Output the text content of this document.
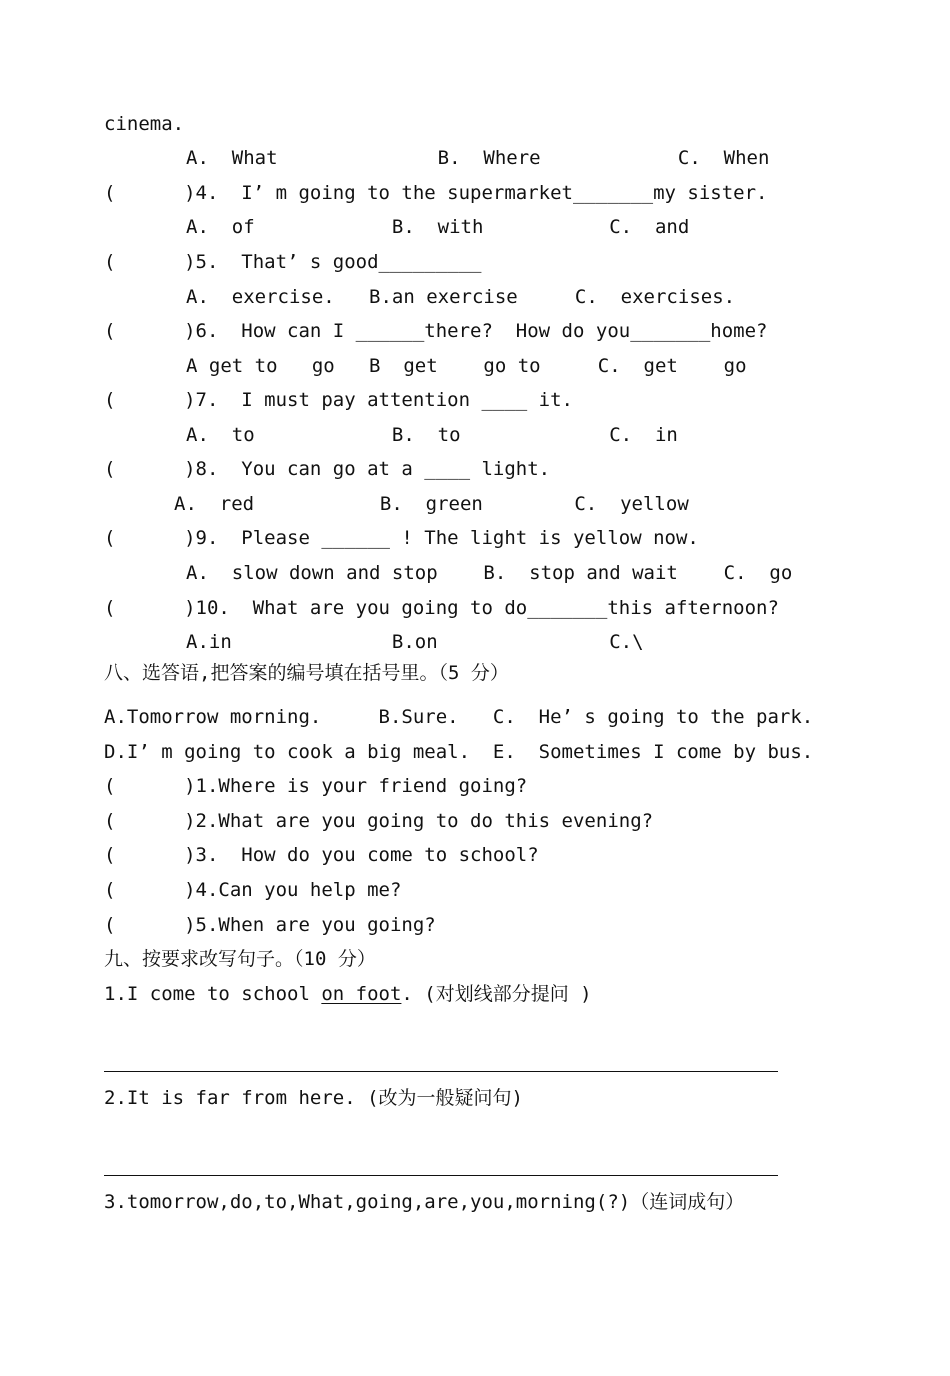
cinema.
A.  What              B.  Where            C.  When
(      )4.  I’ m going to the supermarket_______my sister.
A.  of            B.  with           C.  and
(      )5.  That’ s good_________
A.  exercise.   B.an exercise     C.  exercises.
(      )6.  How can I ______there?  How do you_______home?
A get to   go   B  get    go to     C.  get    go
(      )7.  I must pay attention ____ it.
A.  to            B.  to             C.  in
(      )8.  You can go at a ____ light.
A.  red           B.  green        C.  yellow
(      )9.  Please ______ ! The light is yellow now.
A.  slow down and stop    B.  stop and wait    C.  go
(      )10.  What are you going to do_______this afternoon?
A.in              B.on               C.\
八、选答语,把答案的编号填在括号里。（5 分）
A.Tomorrow morning.     B.Sure.   C.  He’ s going to the park.
D.I’ m going to cook a big meal.  E.  Sometimes I come by bus.
(      )1.Where is your friend going?
(      )2.What are you going to do this evening?
(      )3.  How do you come to school?
(      )4.Can you help me?
(      )5.When are you going?
九、按要求改写句子。（10 分）
1.I come to school on foot. (对划线部分提问 )
2.It is far from here. (改为一般疑问句)
3.tomorrow,do,to,What,going,are,you,morning(?)（连词成句）
